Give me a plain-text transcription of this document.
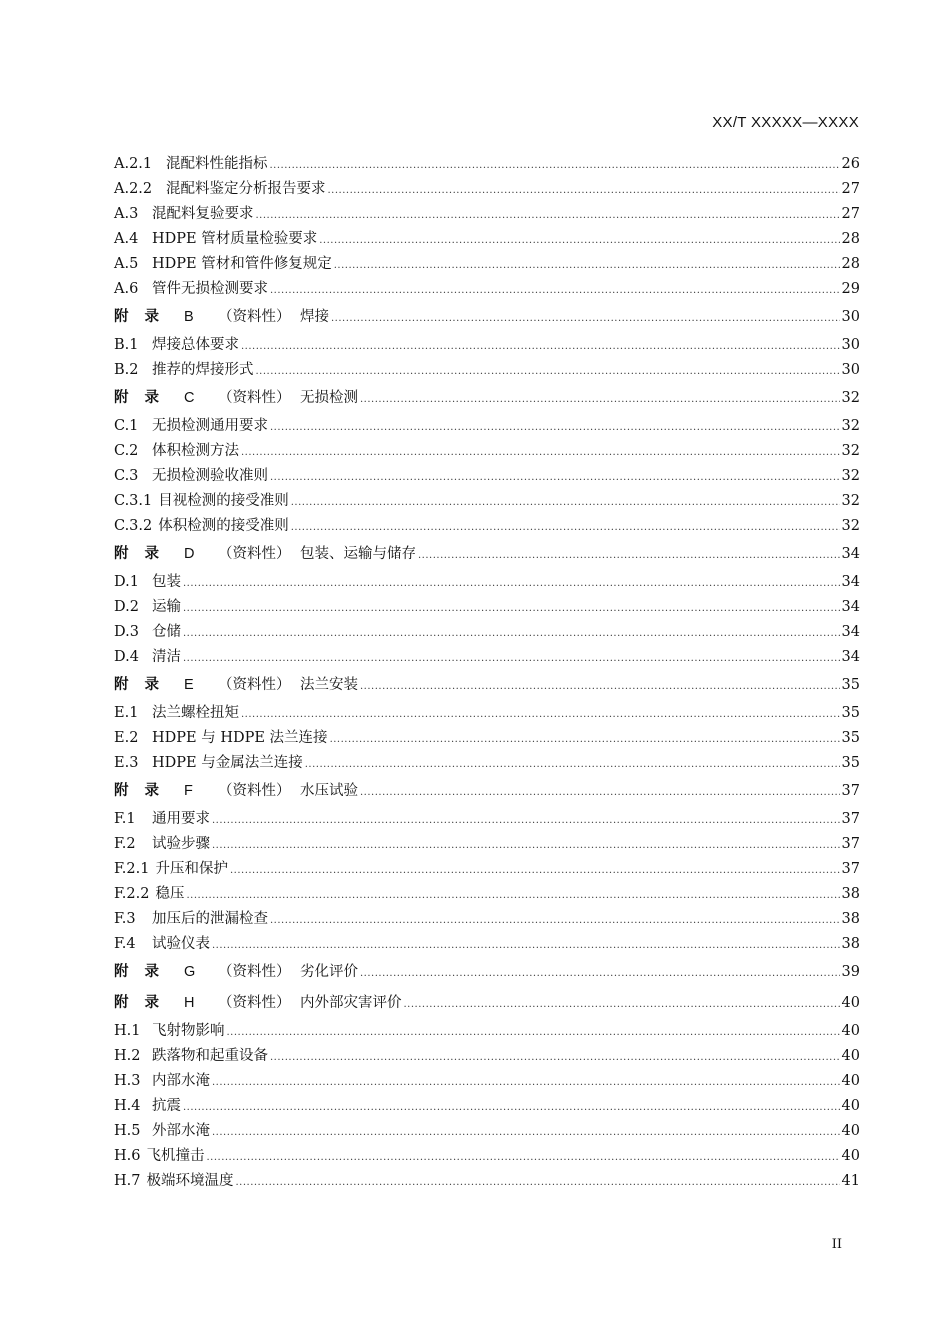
XX/T XXXXX—XXXX
A.2.1 混配料性能指标 .....	26
A.2.2 混配料鉴定分析报告要求 .....	27
A.3 混配料复验要求 .....	27
A.4 HDPE 管材质量检验要求 .....	28
A.5 HDPE 管材和管件修复规定 .....	28
A.6 管件无损检测要求 .....	29
附录 B	（资料性） 焊接 .....	30
B.1 焊接总体要求 .....	30
B.2 推荐的焊接形式 .....	30
附录 C	（资料性） 无损检测 .....	32
C.1 无损检测通用要求 .....	32
C.2 体积检测方法 .....	32
C.3 无损检测验收准则 .....	32
C.3.1 目视检测的接受准则 .....	32
C.3.2 体积检测的接受准则 .....	32
附录 D	（资料性） 包装、运输与储存 .....	34
D.1 包装 .....	34
D.2 运输 .....	34
D.3 仓储 .....	34
D.4 清洁 .....	34
附录 E	（资料性） 法兰安装 .....	35
E.1 法兰螺栓扭矩 .....	35
E.2 HDPE 与 HDPE 法兰连接 .....	35
E.3 HDPE 与金属法兰连接 .....	35
附录 F	（资料性） 水压试验 .....	37
F.1	通用要求 .....	37
F.2	试验步骤 .....	37
F.2.1 升压和保护 .....	37
F.2.2 稳压 .....	38
F.3	加压后的泄漏检查 .....	38
F.4	试验仪表 .....	38
附录 G	（资料性） 劣化评价 .....	39
附录 H	（资料性） 内外部灾害评价 .....	40
H.1 飞射物影响 .....	40
H.2 跌落物和起重设备 .....	40
H.3 内部水淹 .....	40
H.4 抗震 .....	40
H.5 外部水淹 .....	40
H.6 飞机撞击 .....	40
H.7 极端环境温度 .....	41
II
